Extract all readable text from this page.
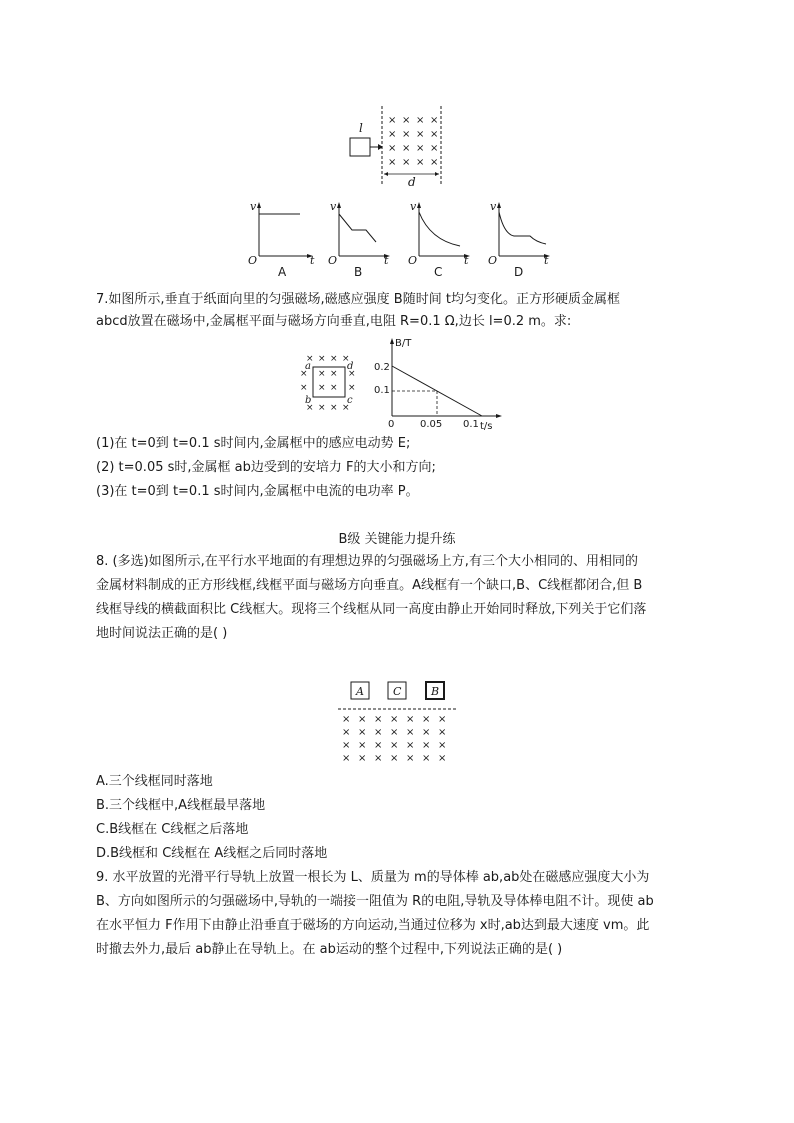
l
× × × ×
× × × ×
× × × ×
× × × ×
d
v
t
O
A
v
t
O
B
v
t
O
C
v
t
O
D
7.如图所示,垂直于纸面向里的匀强磁场,磁感应强度 B随时间 t均匀变化。正方形硬质金属框
abcd放置在磁场中,金属框平面与磁场方向垂直,电阻 R=0.1 Ω,边长 l=0.2 m。求:
× × × ×
× × × ×
× × × ×
× × × ×
a	d
b	c
B/T
t/s
0
0.2
0.1
0.05 0.1
(1)在 t=0到 t=0.1 s时间内,金属框中的感应电动势 E;
(2) t=0.05 s时,金属框 ab边受到的安培力 F的大小和方向;
(3)在 t=0到 t=0.1 s时间内,金属框中电流的电功率 P。
B级 关键能力提升练
8. (多选)如图所示,在平行水平地面的有理想边界的匀强磁场上方,有三个大小相同的、用相同的
金属材料制成的正方形线框,线框平面与磁场方向垂直。A线框有一个缺口,B、C线框都闭合,但 B
线框导线的横截面积比 C线框大。现将三个线框从同一高度由静止开始同时释放,下列关于它们落
地时间说法正确的是( )
A	C	B
× × × × × × ×
× × × × × × ×
× × × × × × ×
× × × × × × ×
A.三个线框同时落地
B.三个线框中,A线框最早落地
C.B线框在 C线框之后落地
D.B线框和 C线框在 A线框之后同时落地
9. 水平放置的光滑平行导轨上放置一根长为 L、质量为 m的导体棒 ab,ab处在磁感应强度大小为
B、方向如图所示的匀强磁场中,导轨的一端接一阻值为 R的电阻,导轨及导体棒电阻不计。现使 ab
在水平恒力 F作用下由静止沿垂直于磁场的方向运动,当通过位移为 x时,ab达到最大速度 vm。此
时撤去外力,最后 ab静止在导轨上。在 ab运动的整个过程中,下列说法正确的是( )
